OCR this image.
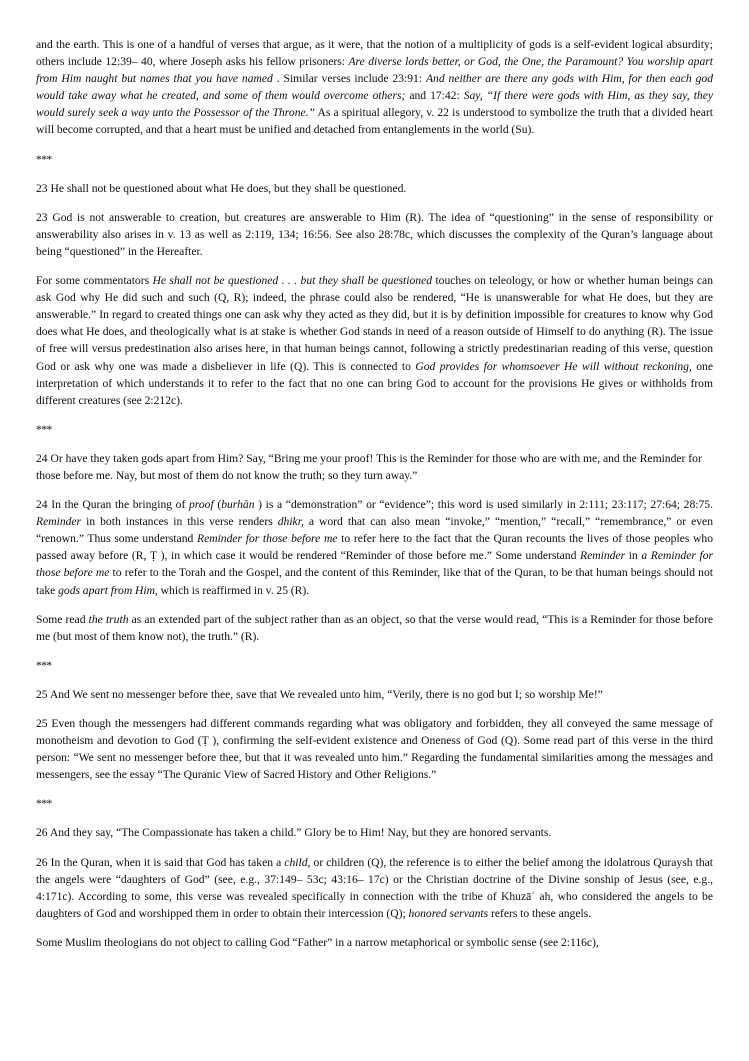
and the earth. This is one of a handful of verses that argue, as it were, that the notion of a multiplicity of gods is a self-evident logical absurdity; others include 12:39– 40, where Joseph asks his fellow prisoners: Are diverse lords better, or God, the One, the Paramount? You worship apart from Him naught but names that you have named . Similar verses include 23:91: And neither are there any gods with Him, for then each god would take away what he created, and some of them would overcome others; and 17:42: Say, “If there were gods with Him, as they say, they would surely seek a way unto the Possessor of the Throne.” As a spiritual allegory, v. 22 is understood to symbolize the truth that a divided heart will become corrupted, and that a heart must be unified and detached from entanglements in the world (Su).

***

23 He shall not be questioned about what He does, but they shall be questioned.

23 God is not answerable to creation, but creatures are answerable to Him (R). The idea of “questioning” in the sense of responsibility or answerability also arises in v. 13 as well as 2:119, 134; 16:56. See also 28:78c, which discusses the complexity of the Quran’s language about being “questioned” in the Hereafter.

For some commentators He shall not be questioned . . . but they shall be questioned touches on teleology, or how or whether human beings can ask God why He did such and such (Q, R); indeed, the phrase could also be rendered, “He is unanswerable for what He does, but they are answerable.” In regard to created things one can ask why they acted as they did, but it is by definition impossible for creatures to know why God does what He does, and theologically what is at stake is whether God stands in need of a reason outside of Himself to do anything (R). The issue of free will versus predestination also arises here, in that human beings cannot, following a strictly predestinarian reading of this verse, question God or ask why one was made a disbeliever in life (Q). This is connected to God provides for whomsoever He will without reckoning, one interpretation of which understands it to refer to the fact that no one can bring God to account for the provisions He gives or withholds from different creatures (see 2:212c).

***

24 Or have they taken gods apart from Him? Say, “Bring me your proof! This is the Reminder for those who are with me, and the Reminder for those before me. Nay, but most of them do not know the truth; so they turn away.”

24 In the Quran the bringing of proof (burhān ) is a “demonstration” or “evidence”; this word is used similarly in 2:111; 23:117; 27:64; 28:75. Reminder in both instances in this verse renders dhikr, a word that can also mean “invoke,” “mention,” “recall,” “remembrance,” or even “renown.” Thus some understand Reminder for those before me to refer here to the fact that the Quran recounts the lives of those peoples who passed away before (R, Ṭ ), in which case it would be rendered “Reminder of those before me.” Some understand Reminder in a Reminder for those before me to refer to the Torah and the Gospel, and the content of this Reminder, like that of the Quran, to be that human beings should not take gods apart from Him, which is reaffirmed in v. 25 (R).

Some read the truth as an extended part of the subject rather than as an object, so that the verse would read, “This is a Reminder for those before me (but most of them know not), the truth.” (R).

***

25 And We sent no messenger before thee, save that We revealed unto him, “Verily, there is no god but I; so worship Me!”

25 Even though the messengers had different commands regarding what was obligatory and forbidden, they all conveyed the same message of monotheism and devotion to God (Ṭ ), confirming the self-evident existence and Oneness of God (Q). Some read part of this verse in the third person: “We sent no messenger before thee, but that it was revealed unto him.” Regarding the fundamental similarities among the messages and messengers, see the essay “The Quranic View of Sacred History and Other Religions.”

***

26 And they say, “The Compassionate has taken a child.” Glory be to Him! Nay, but they are honored servants.

26 In the Quran, when it is said that God has taken a child, or children (Q), the reference is to either the belief among the idolatrous Quraysh that the angels were “daughters of God” (see, e.g., 37:149– 53c; 43:16– 17c) or the Christian doctrine of the Divine sonship of Jesus (see, e.g., 4:171c). According to some, this verse was revealed specifically in connection with the tribe of Khuzāʿ ah, who considered the angels to be daughters of God and worshipped them in order to obtain their intercession (Q); honored servants refers to these angels.

Some Muslim theologians do not object to calling God “Father” in a narrow metaphorical or symbolic sense (see 2:116c),
